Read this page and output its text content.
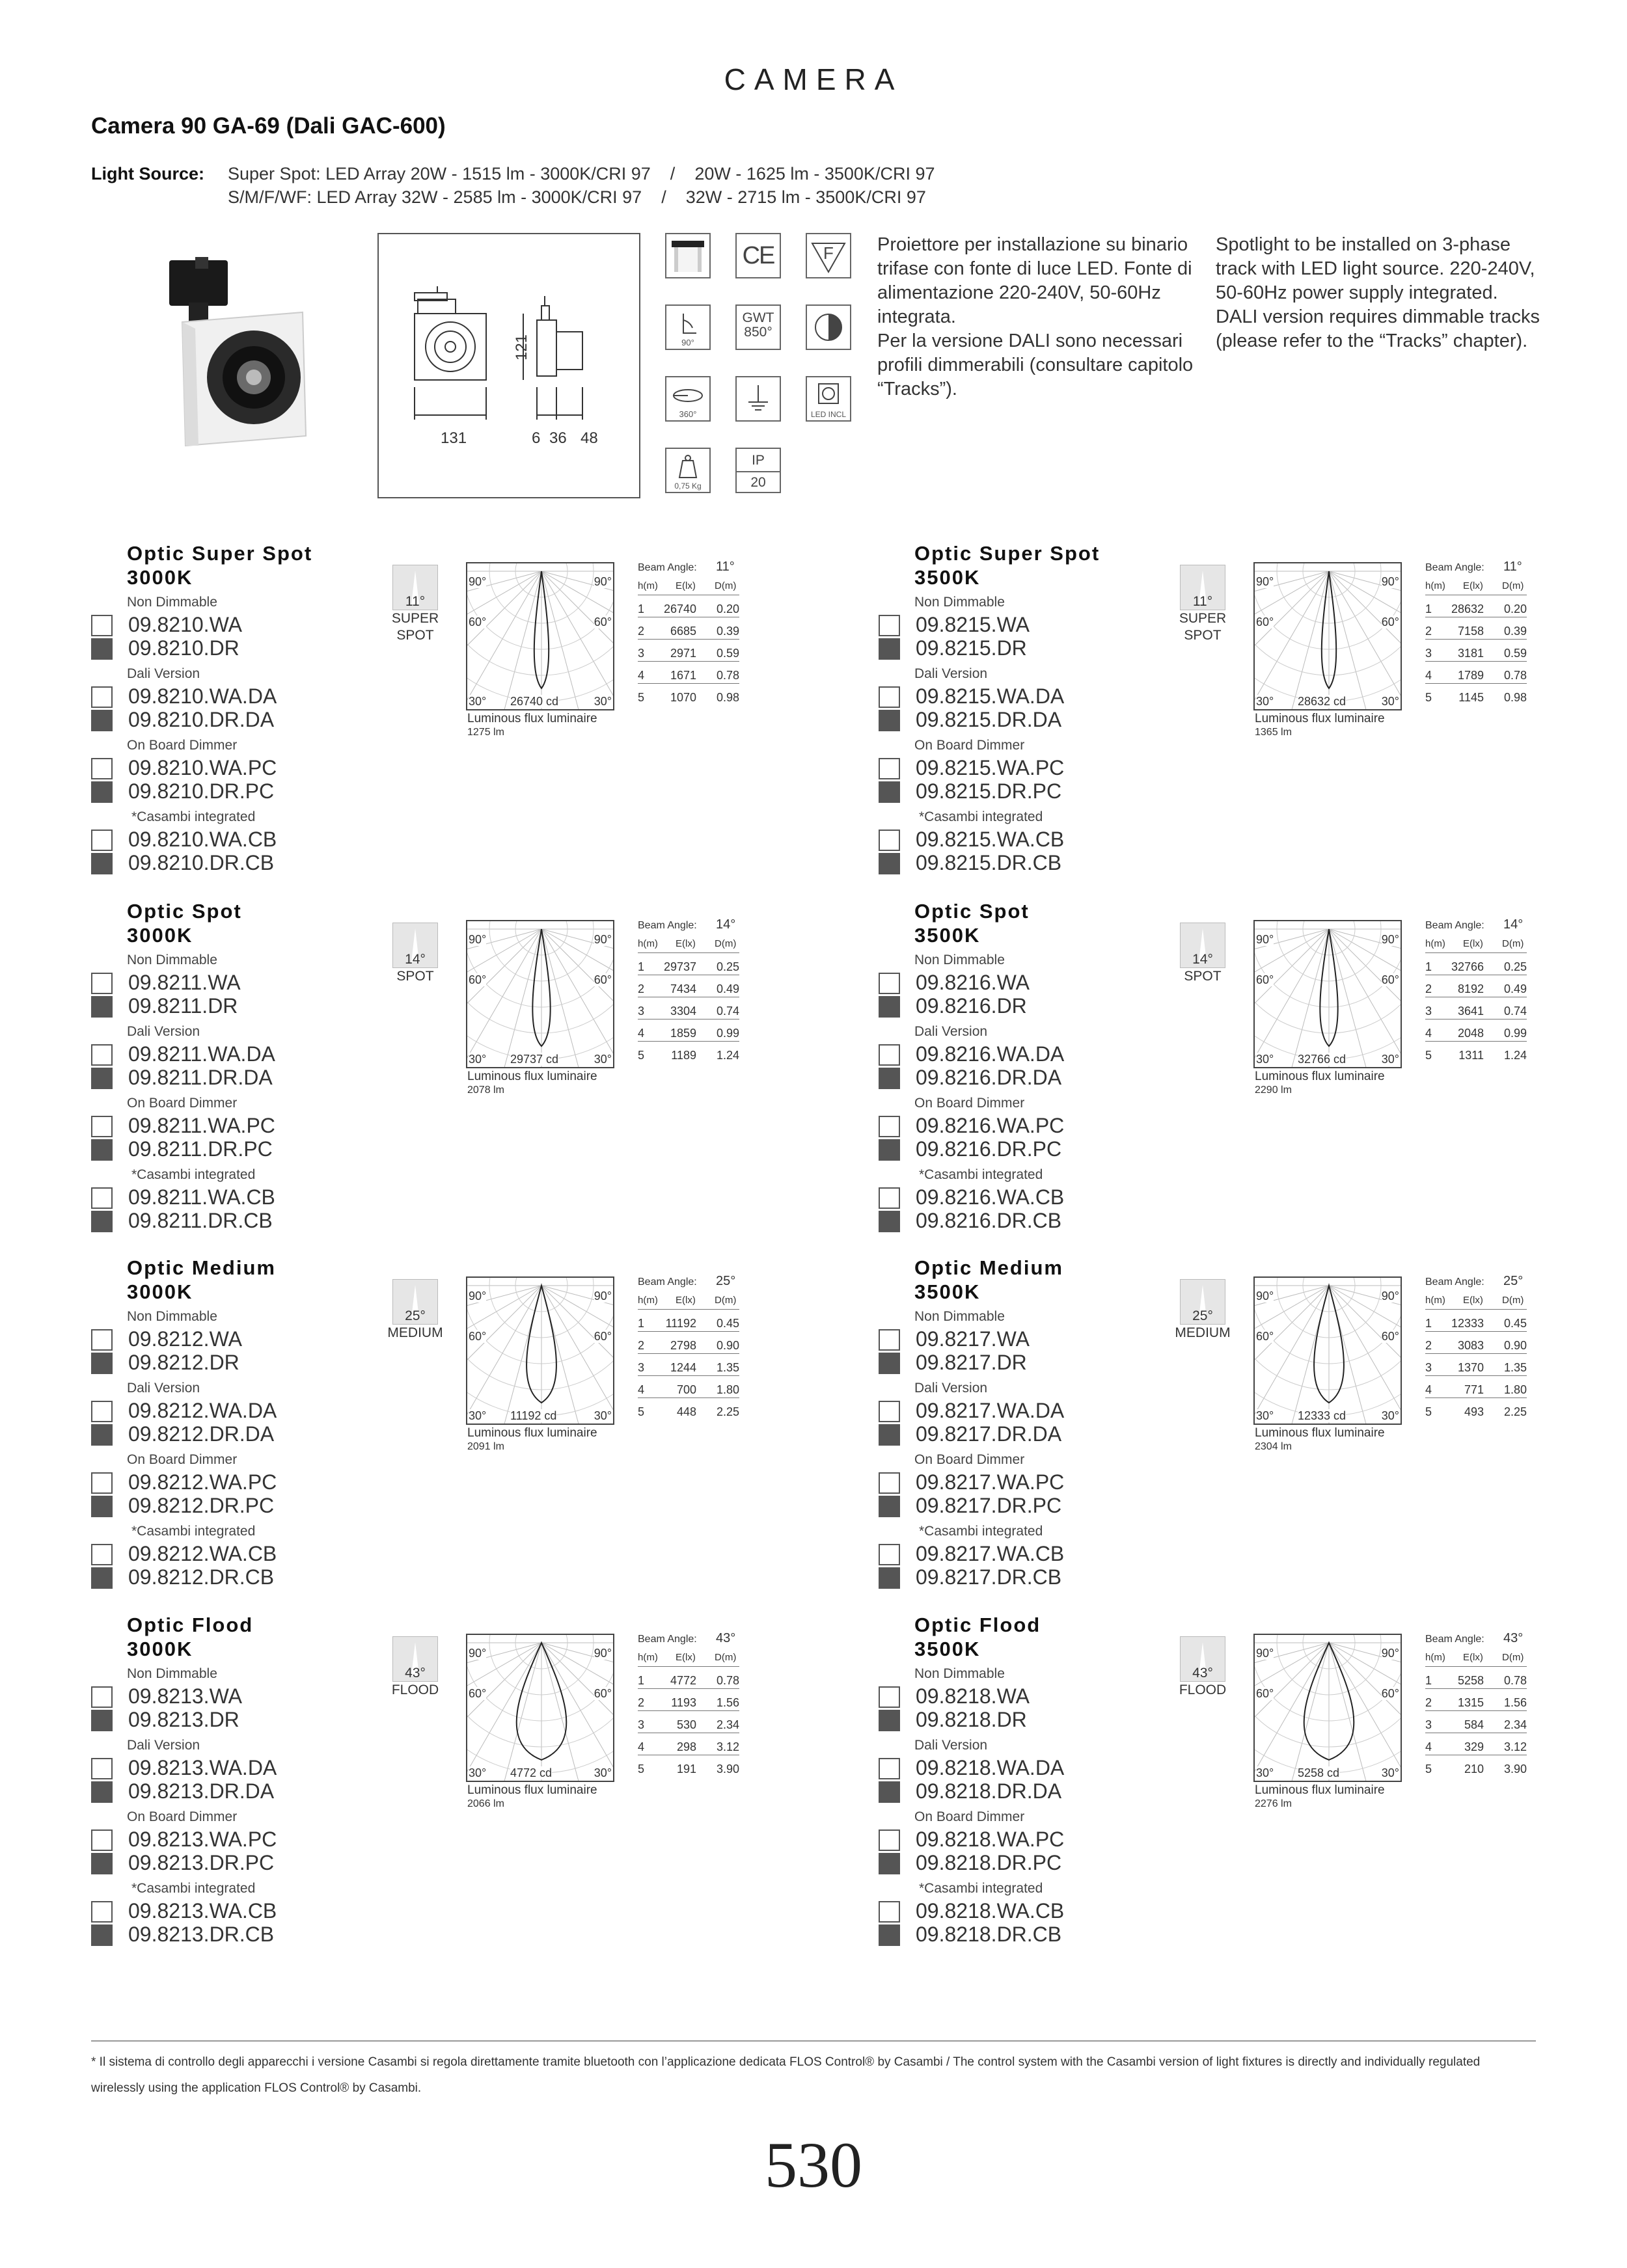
CAMERA
Camera 90 GA-69 (Dali GAC-600)
Light Source: Super Spot: LED Array 20W - 1515 lm - 3000K/CRI 97    /    20W - 1625 lm - 3500K/CRI 97
S/M/F/WF: LED Array 32W - 2585 lm - 3000K/CRI 97    /    32W - 2715 lm - 3500K/CRI 97
131
121
6 36 48
CE	F
90°
GWT
850°
360°	LED INCL
0,75 Kg
IP
20
Proiettore per installazione su binario trifase con fonte di luce LED. Fonte di alimentazione 220-240V, 50-60Hz integrata.
Per la versione DALI sono necessari profili dimmerabili (consultare capitolo “Tracks”).
Spotlight to be installed on 3-phase track with LED light source. 220-240V, 50-60Hz power supply integrated.
DALI version requires dimmable tracks (please refer to the “Tracks” chapter).
Optic Super Spot
3000K
Non Dimmable
09.8210.WA
09.8210.DR
Dali Version
09.8210.WA.DA
09.8210.DR.DA
On Board Dimmer
09.8210.WA.PC
09.8210.DR.PC
*Casambi integrated
09.8210.WA.CB
09.8210.DR.CB
11°
SUPER
SPOT
90°	90°
60°	60°
30°	30°
26740 cd
Luminous flux luminaire
1275 lm
Beam Angle: 11°
h(m) E(lx) D(m)
1	26740	0.20
2	6685	0.39
3	2971	0.59
4	1671	0.78
5	1070	0.98
Optic Super Spot
3500K
Non Dimmable
09.8215.WA
09.8215.DR
Dali Version
09.8215.WA.DA
09.8215.DR.DA
On Board Dimmer
09.8215.WA.PC
09.8215.DR.PC
*Casambi integrated
09.8215.WA.CB
09.8215.DR.CB
11°
SUPER
SPOT
90°	90°
60°	60°
30°	30°
28632 cd
Luminous flux luminaire
1365 lm
Beam Angle: 11°
h(m) E(lx) D(m)
1	28632	0.20
2	7158	0.39
3	3181	0.59
4	1789	0.78
5	1145	0.98
Optic Spot
3000K
Non Dimmable
09.8211.WA
09.8211.DR
Dali Version
09.8211.WA.DA
09.8211.DR.DA
On Board Dimmer
09.8211.WA.PC
09.8211.DR.PC
*Casambi integrated
09.8211.WA.CB
09.8211.DR.CB
14°
SPOT
90°	90°
60°	60°
30°	30°
29737 cd
Luminous flux luminaire
2078 lm
Beam Angle: 14°
h(m) E(lx) D(m)
1	29737	0.25
2	7434	0.49
3	3304	0.74
4	1859	0.99
5	1189	1.24
Optic Spot
3500K
Non Dimmable
09.8216.WA
09.8216.DR
Dali Version
09.8216.WA.DA
09.8216.DR.DA
On Board Dimmer
09.8216.WA.PC
09.8216.DR.PC
*Casambi integrated
09.8216.WA.CB
09.8216.DR.CB
14°
SPOT
90°	90°
60°	60°
30°	30°
32766 cd
Luminous flux luminaire
2290 lm
Beam Angle: 14°
h(m) E(lx) D(m)
1	32766	0.25
2	8192	0.49
3	3641	0.74
4	2048	0.99
5	1311	1.24
Optic Medium
3000K
Non Dimmable
09.8212.WA
09.8212.DR
Dali Version
09.8212.WA.DA
09.8212.DR.DA
On Board Dimmer
09.8212.WA.PC
09.8212.DR.PC
*Casambi integrated
09.8212.WA.CB
09.8212.DR.CB
25°
MEDIUM
90°	90°
60°	60°
30°	30°
11192 cd
Luminous flux luminaire
2091 lm
Beam Angle: 25°
h(m) E(lx) D(m)
1	11192	0.45
2	2798	0.90
3	1244	1.35
4	700	1.80
5	448	2.25
Optic Medium
3500K
Non Dimmable
09.8217.WA
09.8217.DR
Dali Version
09.8217.WA.DA
09.8217.DR.DA
On Board Dimmer
09.8217.WA.PC
09.8217.DR.PC
*Casambi integrated
09.8217.WA.CB
09.8217.DR.CB
25°
MEDIUM
90°	90°
60°	60°
30°	30°
12333 cd
Luminous flux luminaire
2304 lm
Beam Angle: 25°
h(m) E(lx) D(m)
1	12333	0.45
2	3083	0.90
3	1370	1.35
4	771	1.80
5	493	2.25
Optic Flood
3000K
Non Dimmable
09.8213.WA
09.8213.DR
Dali Version
09.8213.WA.DA
09.8213.DR.DA
On Board Dimmer
09.8213.WA.PC
09.8213.DR.PC
*Casambi integrated
09.8213.WA.CB
09.8213.DR.CB
43°
FLOOD
90°	90°
60°	60°
30°	30°
4772 cd
Luminous flux luminaire
2066 lm
Beam Angle: 43°
h(m) E(lx) D(m)
1	4772	0.78
2	1193	1.56
3	530	2.34
4	298	3.12
5	191	3.90
Optic Flood
3500K
Non Dimmable
09.8218.WA
09.8218.DR
Dali Version
09.8218.WA.DA
09.8218.DR.DA
On Board Dimmer
09.8218.WA.PC
09.8218.DR.PC
*Casambi integrated
09.8218.WA.CB
09.8218.DR.CB
43°
FLOOD
90°	90°
60°	60°
30°	30°
5258 cd
Luminous flux luminaire
2276 lm
Beam Angle: 43°
h(m) E(lx) D(m)
1	5258	0.78
2	1315	1.56
3	584	2.34
4	329	3.12
5	210	3.90
* Il sistema di controllo degli apparecchi i versione Casambi si regola direttamente tramite bluetooth con l’applicazione dedicata FLOS Control® by Casambi / The control system with the Casambi version of light fixtures is directly and individually regulated wirelessly using the application FLOS Control® by Casambi.
530
